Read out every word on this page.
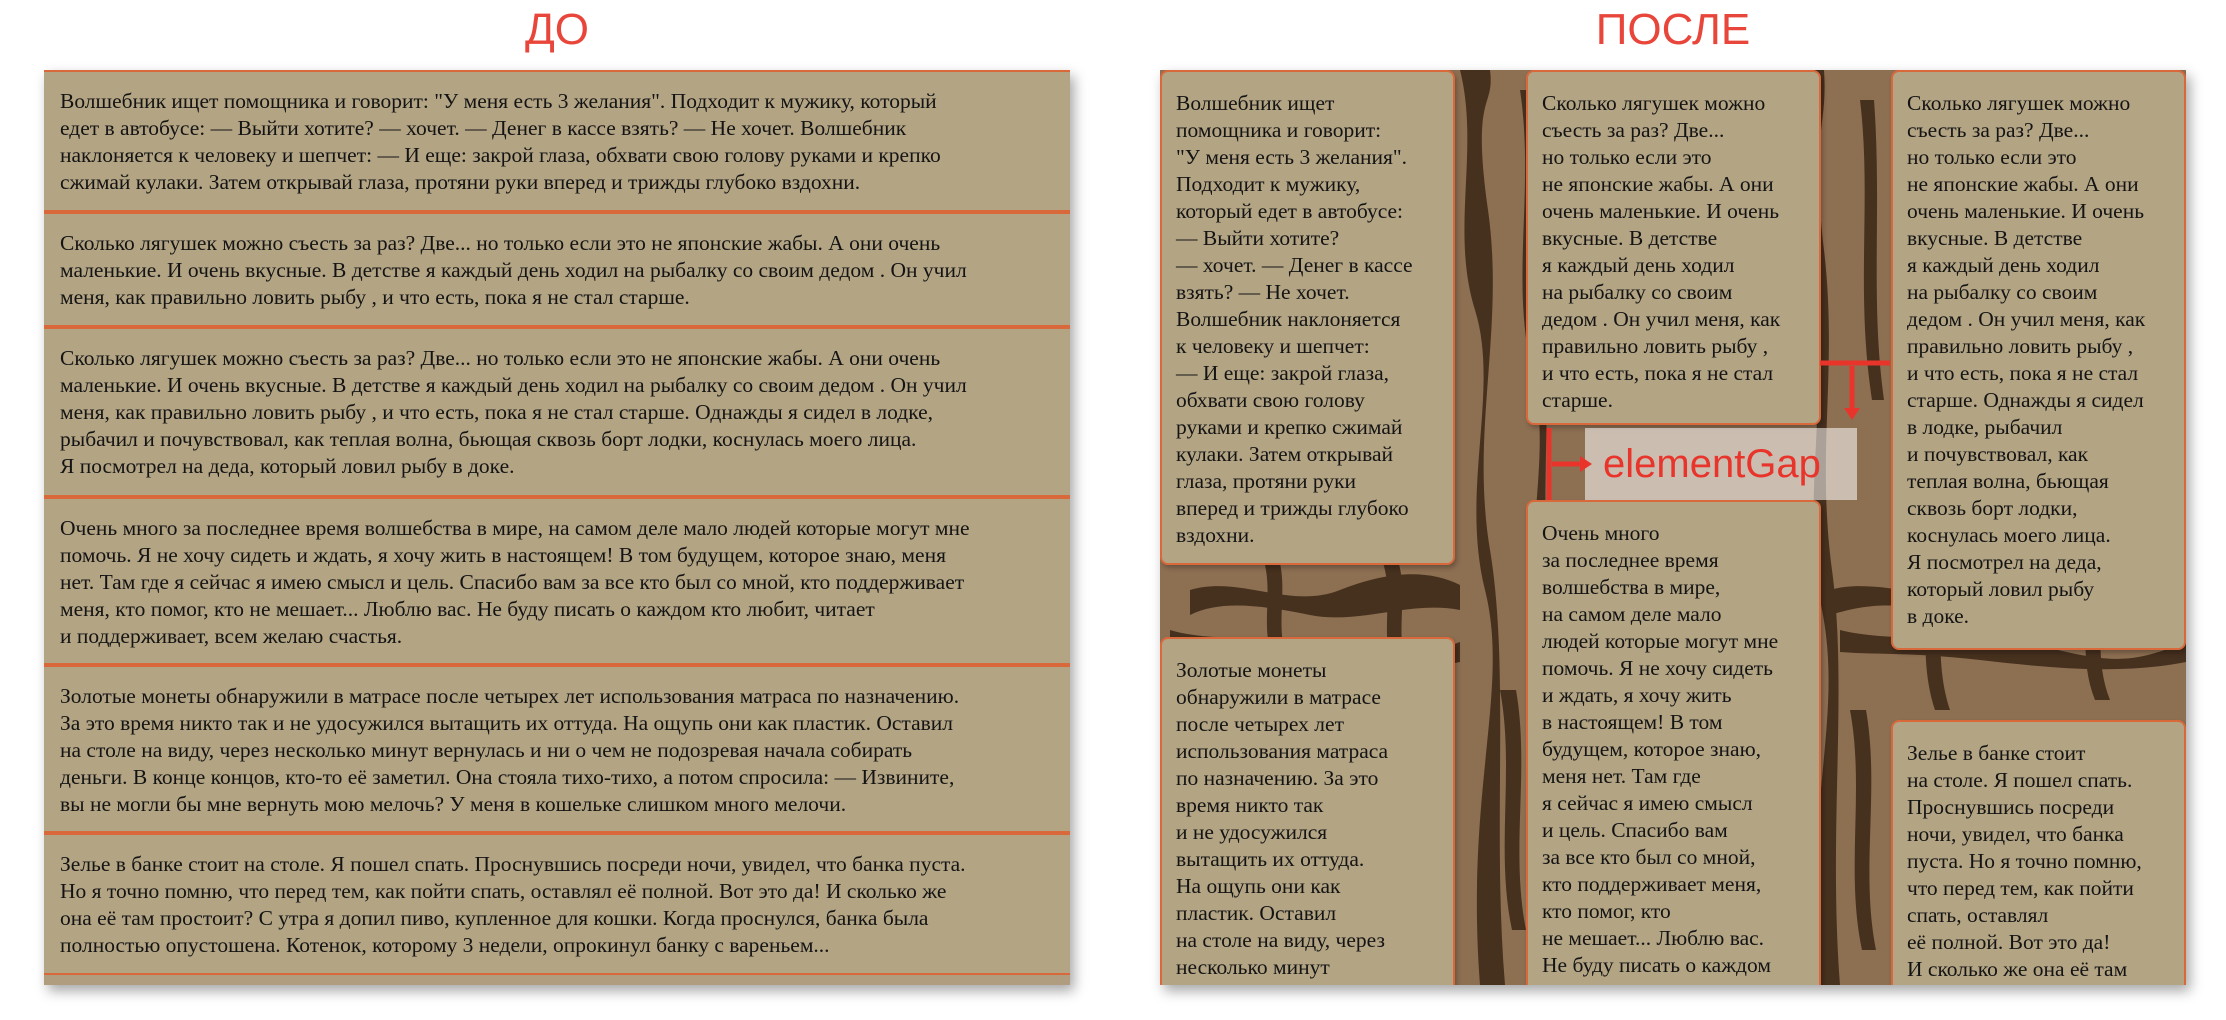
ДО	ПОСЛЕ
Волшебник ищет помощника и говорит: "У меня есть 3 желания". Подходит к мужику, который
едет в автобусе: — Выйти хотите? — хочет. — Денег в кассе взять? — Не хочет. Волшебник
наклоняется к человеку и шепчет: — И еще: закрой глаза, обхвати свою голову руками и крепко
сжимай кулаки. Затем открывай глаза, протяни руки вперед и трижды глубоко вздохни.
Сколько лягушек можно съесть за раз? Две... но только если это не японские жабы. А они очень
маленькие. И очень вкусные. В детстве я каждый день ходил на рыбалку со своим дедом . Он учил
меня, как правильно ловить рыбу , и что есть, пока я не стал старше.
Сколько лягушек можно съесть за раз? Две... но только если это не японские жабы. А они очень
маленькие. И очень вкусные. В детстве я каждый день ходил на рыбалку со своим дедом . Он учил
меня, как правильно ловить рыбу , и что есть, пока я не стал старше. Однажды я сидел в лодке,
рыбачил и почувствовал, как теплая волна, бьющая сквозь борт лодки, коснулась моего лица.
Я посмотрел на деда, который ловил рыбу в доке.
Очень много за последнее время волшебства в мире, на самом деле мало людей которые могут мне
помочь. Я не хочу сидеть и ждать, я хочу жить в настоящем! В том будущем, которое знаю, меня
нет. Там где я сейчас я имею смысл и цель. Спасибо вам за все кто был со мной, кто поддерживает
меня, кто помог, кто не мешает... Люблю вас. Не буду писать о каждом кто любит, читает
и поддерживает, всем желаю счастья.
Золотые монеты обнаружили в матрасе после четырех лет использования матраса по назначению.
За это время никто так и не удосужился вытащить их оттуда. На ощупь они как пластик. Оставил
на столе на виду, через несколько минут вернулась и ни о чем не подозревая начала собирать
деньги. В конце концов, кто-то её заметил. Она стояла тихо-тихо, а потом спросила: — Извините,
вы не могли бы мне вернуть мою мелочь? У меня в кошельке слишком много мелочи.
Зелье в банке стоит на столе. Я пошел спать. Проснувшись посреди ночи, увидел, что банка пуста.
Но я точно помню, что перед тем, как пойти спать, оставлял её полной. Вот это да! И сколько же
она её там простоит? С утра я допил пиво, купленное для кошки. Когда проснулся, банка была
полностью опустошена. Котенок, которому 3 недели, опрокинул банку с вареньем...
Волшебник ищет
помощника и говорит:
"У меня есть 3 желания".
Подходит к мужику,
который едет в автобусе:
— Выйти хотите?
— хочет. — Денег в кассе
взять? — Не хочет.
Волшебник наклоняется
к человеку и шепчет:
— И еще: закрой глаза,
обхвати свою голову
руками и крепко сжимай
кулаки. Затем открывай
глаза, протяни руки
вперед и трижды глубоко
вздохни.
Сколько лягушек можно
съесть за раз? Две...
но только если это
не японские жабы. А они
очень маленькие. И очень
вкусные. В детстве
я каждый день ходил
на рыбалку со своим
дедом . Он учил меня, как
правильно ловить рыбу ,
и что есть, пока я не стал
старше.
Сколько лягушек можно
съесть за раз? Две...
но только если это
не японские жабы. А они
очень маленькие. И очень
вкусные. В детстве
я каждый день ходил
на рыбалку со своим
дедом . Он учил меня, как
правильно ловить рыбу ,
и что есть, пока я не стал
старше. Однажды я сидел
в лодке, рыбачил
и почувствовал, как
теплая волна, бьющая
сквозь борт лодки,
коснулась моего лица.
Я посмотрел на деда,
который ловил рыбу
в доке.
Золотые монеты
обнаружили в матрасе
после четырех лет
использования матраса
по назначению. За это
время никто так
и не удосужился
вытащить их оттуда.
На ощупь они как
пластик. Оставил
на столе на виду, через
несколько минут
Очень много
за последнее время
волшебства в мире,
на самом деле мало
людей которые могут мне
помочь. Я не хочу сидеть
и ждать, я хочу жить
в настоящем! В том
будущем, которое знаю,
меня нет. Там где
я сейчас я имею смысл
и цель. Спасибо вам
за все кто был со мной,
кто поддерживает меня,
кто помог, кто
не мешает... Люблю вас.
Не буду писать о каждом
Зелье в банке стоит
на столе. Я пошел спать.
Проснувшись посреди
ночи, увидел, что банка
пуста. Но я точно помню,
что перед тем, как пойти
спать, оставлял
её полной. Вот это да!
И сколько же она её там
elementGap
